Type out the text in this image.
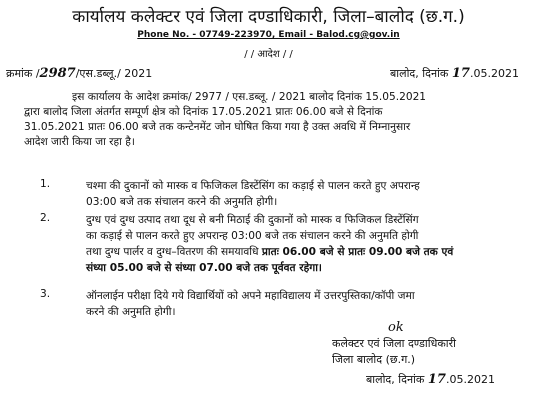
कार्यालय कलेक्टर एवं जिला दण्डाधिकारी, जिला–बालोद (छ.ग.)
Phone No. - 07749-223970, Email - Balod.cg@gov.in
/ / आदेश / /
क्रमांक /2987/एस.डब्लू./ 2021	बालोद, दिनांक 17.05.2021
इस कार्यालय के आदेश क्रमांक/ 2977 / एस.डब्लू. / 2021 बालोद दिनांक 15.05.2021
द्वारा बालोद जिला अंतर्गत सम्पूर्ण क्षेत्र को दिनांक 17.05.2021 प्रातः 06.00 बजे से दिनांक
31.05.2021 प्रातः 06.00 बजे तक कन्टेनमेंट जोन घोषित किया गया है उक्त अवधि में निम्नानुसार
आदेश जारी किया जा रहा है।
1.	चश्मा की दुकानों को मास्क व फिजिकल डिस्टेंसिंग का कड़ाई से पालन करते हुए अपरान्ह
03:00 बजे तक संचालन करने की अनुमति होगी।
2.	दुग्ध एवं दुग्ध उत्पाद तथा दूध से बनी मिठाई की दुकानों को मास्क व फिजिकल डिस्टेंसिंग
का कड़ाई से पालन करते हुए अपरान्ह 03:00 बजे तक संचालन करने की अनुमति होगी
तथा दुग्ध पार्लर व दुग्ध–वितरण की समयावधि प्रातः 06.00 बजे से प्रातः 09.00 बजे तक एवं
संध्या 05.00 बजे से संध्या 07.00 बजे तक पूर्ववत रहेगा।
3.	ऑनलाईन परीक्षा दिये गये विद्यार्थियों को अपने महाविद्यालय में उत्तरपुस्तिका/कॉपी जमा
करने की अनुमति होगी।
ok
कलेक्टर एवं जिला दण्डाधिकारी
जिला बालोद (छ.ग.)
बालोद, दिनांक 17.05.2021
